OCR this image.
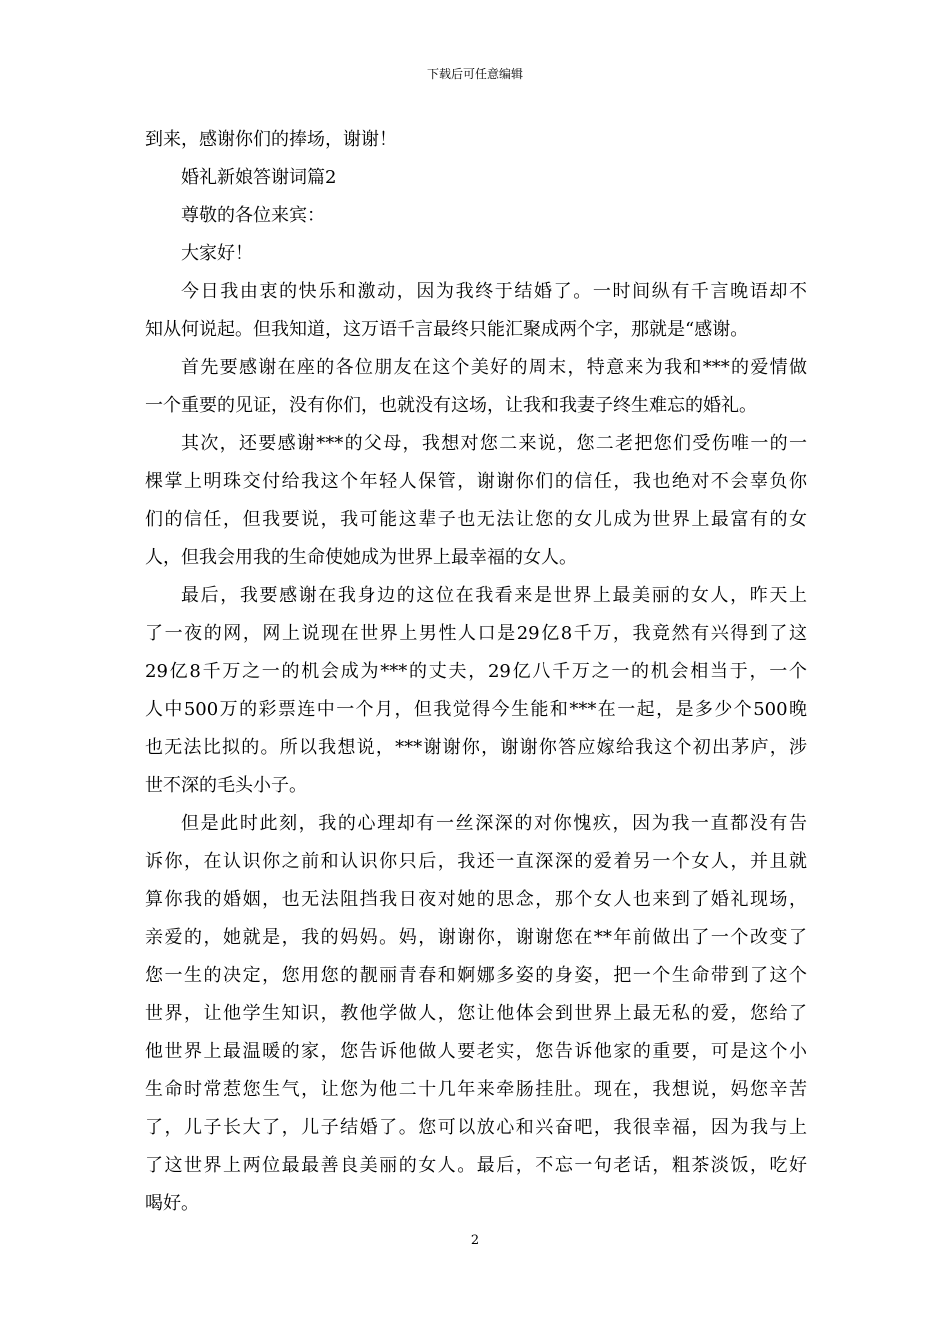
下载后可任意编辑
到来，感谢你们的捧场，谢谢！
婚礼新娘答谢词篇2
尊敬的各位来宾：
大家好！
今日我由衷的快乐和激动，因为我终于结婚了。一时间纵有千言晚语却不
知从何说起。但我知道，这万语千言最终只能汇聚成两个字，那就是“感谢。
首先要感谢在座的各位朋友在这个美好的周末，特意来为我和***的爱情做
一个重要的见证，没有你们，也就没有这场，让我和我妻子终生难忘的婚礼。
其次，还要感谢***的父母，我想对您二来说，您二老把您们受伤唯一的一
棵掌上明珠交付给我这个年轻人保管，谢谢你们的信任，我也绝对不会辜负你
们的信任，但我要说，我可能这辈子也无法让您的女儿成为世界上最富有的女
人，但我会用我的生命使她成为世界上最幸福的女人。
最后，我要感谢在我身边的这位在我看来是世界上最美丽的女人，昨天上
了一夜的网，网上说现在世界上男性人口是29亿8千万，我竟然有兴得到了这
29亿8千万之一的机会成为***的丈夫，29亿八千万之一的机会相当于，一个
人中500万的彩票连中一个月，但我觉得今生能和***在一起，是多少个500晚
也无法比拟的。所以我想说，***谢谢你，谢谢你答应嫁给我这个初出茅庐，涉
世不深的毛头小子。
但是此时此刻，我的心理却有一丝深深的对你愧疚，因为我一直都没有告
诉你，在认识你之前和认识你只后，我还一直深深的爱着另一个女人，并且就
算你我的婚姻，也无法阻挡我日夜对她的思念，那个女人也来到了婚礼现场，
亲爱的，她就是，我的妈妈。妈，谢谢你，谢谢您在**年前做出了一个改变了
您一生的决定，您用您的靓丽青春和婀娜多姿的身姿，把一个生命带到了这个
世界，让他学生知识，教他学做人，您让他体会到世界上最无私的爱，您给了
他世界上最温暖的家，您告诉他做人要老实，您告诉他家的重要，可是这个小
生命时常惹您生气，让您为他二十几年来牵肠挂肚。现在，我想说，妈您辛苦
了，儿子长大了，儿子结婚了。您可以放心和兴奋吧，我很幸福，因为我与上
了这世界上两位最最善良美丽的女人。最后，不忘一句老话，粗茶淡饭，吃好
喝好。
2
